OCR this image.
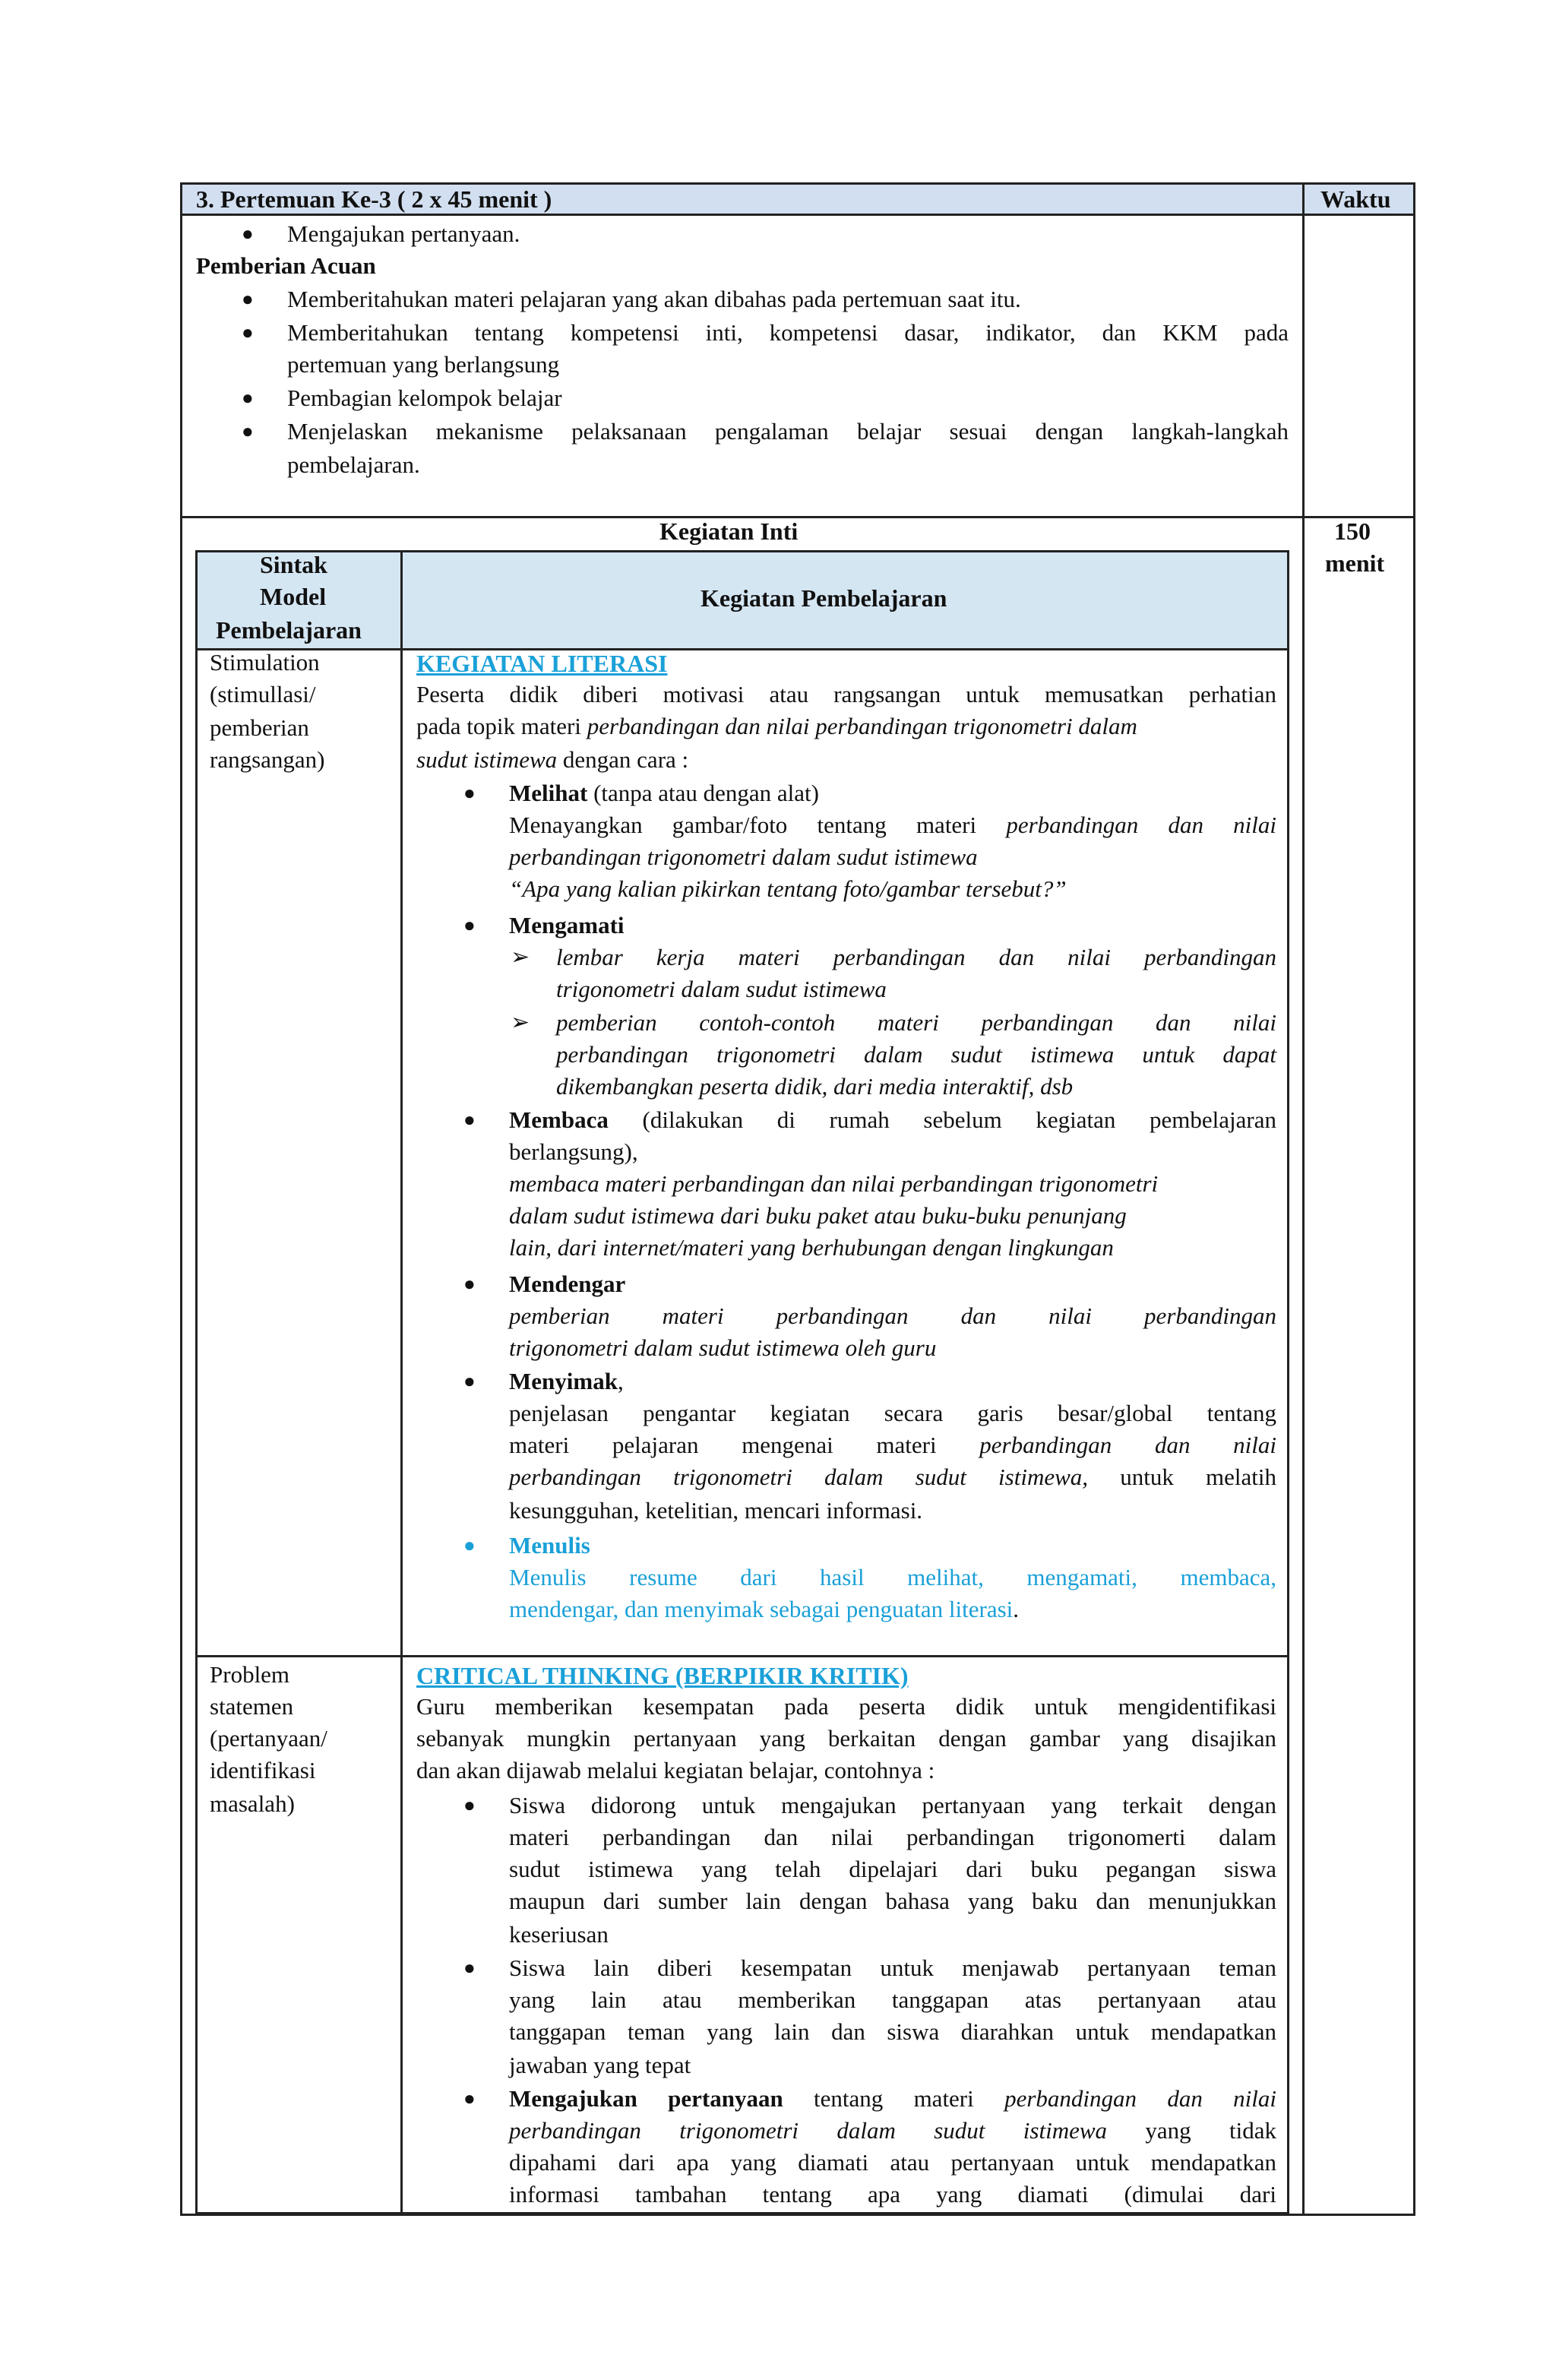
3. Pertemuan Ke-3 ( 2 x 45 menit )	Waktu
● Mengajukan pertanyaan.
Pemberian Acuan
● Memberitahukan materi pelajaran yang akan dibahas pada pertemuan saat itu.
● Memberitahukan tentang kompetensi inti, kompetensi dasar, indikator, dan KKM pada
pertemuan yang berlangsung
● Pembagian kelompok belajar
● Menjelaskan mekanisme pelaksanaan pengalaman belajar sesuai dengan langkah-langkah
pembelajaran.
Kegiatan Inti	150
menit
Sintak
Model
Pembelajaran
Kegiatan Pembelajaran
Stimulation
(stimullasi/
pemberian
rangsangan)
KEGIATAN LITERASI
Peserta didik diberi motivasi atau rangsangan untuk memusatkan perhatian
pada topik materi perbandingan dan nilai perbandingan trigonometri dalam
sudut istimewa dengan cara :
● Melihat (tanpa atau dengan alat)
Menayangkan gambar/foto tentang materi perbandingan dan nilai
perbandingan trigonometri dalam sudut istimewa
“Apa yang kalian pikirkan tentang foto/gambar tersebut?”
● Mengamati
➢ lembar kerja materi perbandingan dan nilai perbandingan
trigonometri dalam sudut istimewa
➢ pemberian contoh-contoh materi perbandingan dan nilai
perbandingan trigonometri dalam sudut istimewa untuk dapat
dikembangkan peserta didik, dari media interaktif, dsb
● Membaca (dilakukan di rumah sebelum kegiatan pembelajaran
berlangsung),
membaca materi perbandingan dan nilai perbandingan trigonometri
dalam sudut istimewa dari buku paket atau buku-buku penunjang
lain, dari internet/materi yang berhubungan dengan lingkungan
● Mendengar
pemberian materi perbandingan dan nilai perbandingan
trigonometri dalam sudut istimewa oleh guru
● Menyimak,
penjelasan pengantar kegiatan secara garis besar/global tentang
materi pelajaran mengenai materi perbandingan dan nilai
perbandingan trigonometri dalam sudut istimewa, untuk melatih
kesungguhan, ketelitian, mencari informasi.
● Menulis
Menulis resume dari hasil melihat, mengamati, membaca,
mendengar, dan menyimak sebagai penguatan literasi.
Problem
statemen
(pertanyaan/
identifikasi
masalah)
CRITICAL THINKING (BERPIKIR KRITIK)
Guru memberikan kesempatan pada peserta didik untuk mengidentifikasi
sebanyak mungkin pertanyaan yang berkaitan dengan gambar yang disajikan
dan akan dijawab melalui kegiatan belajar, contohnya :
● Siswa didorong untuk mengajukan pertanyaan yang terkait dengan
materi perbandingan dan nilai perbandingan trigonomerti dalam
sudut istimewa yang telah dipelajari dari buku pegangan siswa
maupun dari sumber lain dengan bahasa yang baku dan menunjukkan
keseriusan
● Siswa lain diberi kesempatan untuk menjawab pertanyaan teman
yang lain atau memberikan tanggapan atas pertanyaan atau
tanggapan teman yang lain dan siswa diarahkan untuk mendapatkan
jawaban yang tepat
● Mengajukan pertanyaan tentang materi perbandingan dan nilai
perbandingan trigonometri dalam sudut istimewa yang tidak
dipahami dari apa yang diamati atau pertanyaan untuk mendapatkan
informasi tambahan tentang apa yang diamati (dimulai dari
